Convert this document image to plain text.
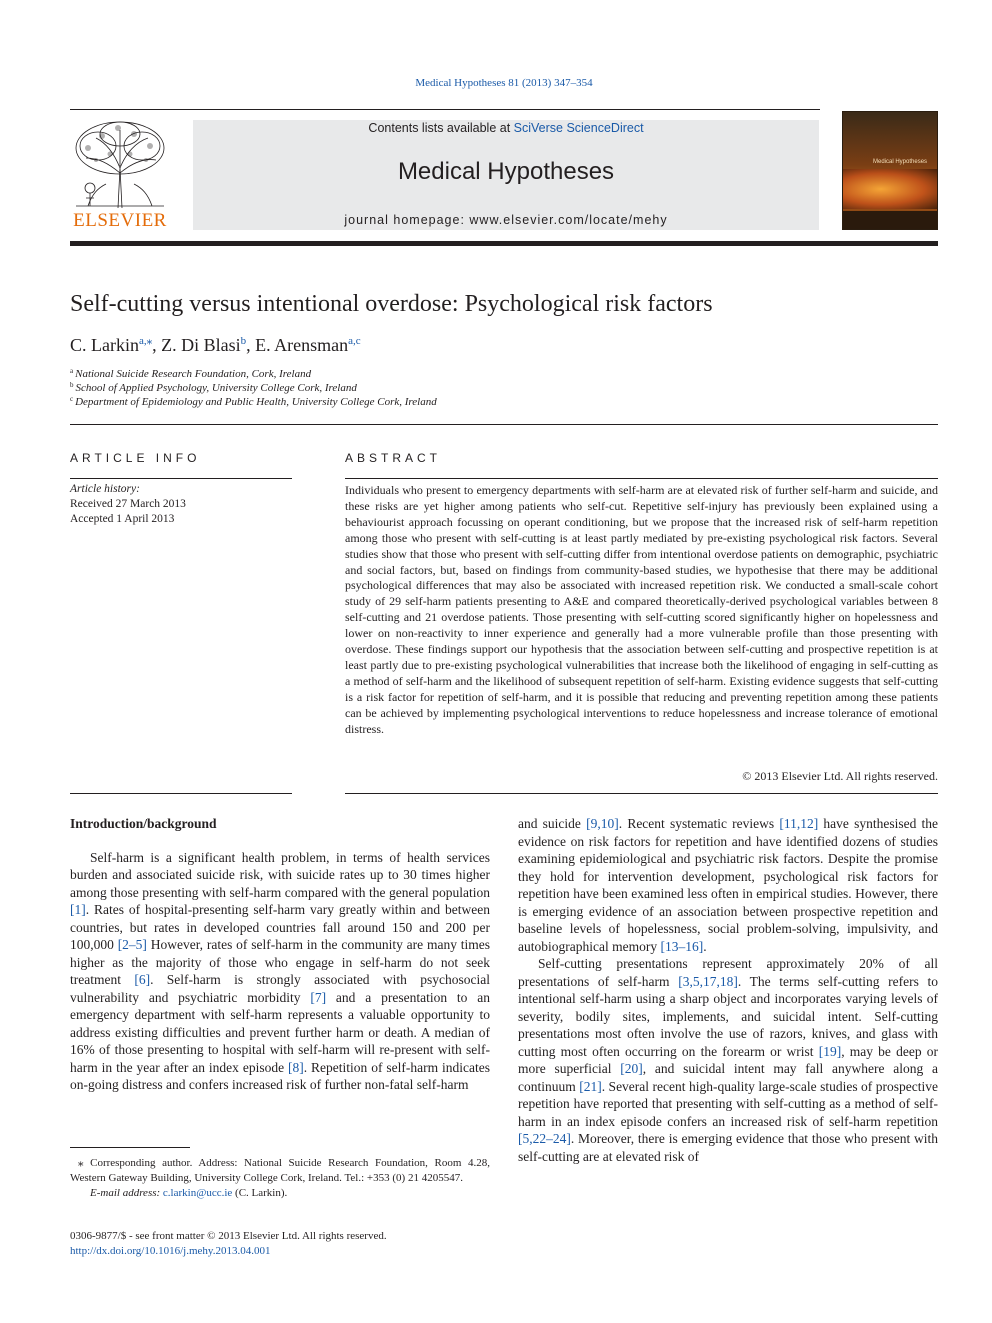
Medical Hypotheses 81 (2013) 347–354
ELSEVIER
Contents lists available at SciVerse ScienceDirect
Medical Hypotheses
journal homepage: www.elsevier.com/locate/mehy
Medical Hypotheses
Self-cutting versus intentional overdose: Psychological risk factors
C. Larkin$^{a,⁎}$, Z. Di Blasi$^b$, E. Arensman$^{a,c}$
$^a$ National Suicide Research Foundation, Cork, Ireland
$^b$ School of Applied Psychology, University College Cork, Ireland
$^c$ Department of Epidemiology and Public Health, University College Cork, Ireland
ARTICLE INFO
Article history:
Received 27 March 2013
Accepted 1 April 2013
ABSTRACT

Individuals who present to emergency departments with self-harm are at elevated risk of further self-harm and suicide, and these risks are yet higher among patients who self-cut. Repetitive self-injury has previously been explained using a behaviourist approach focussing on operant conditioning, but we propose that the increased risk of self-harm repetition among those who present with self-cutting is at least partly mediated by pre-existing psychological risk factors. Several studies show that those who present with self-cutting differ from intentional overdose patients on demographic, psychiatric and social factors, but, based on findings from community-based studies, we hypothesise that there may be additional psychological differences that may also be associated with increased repetition risk. We conducted a small-scale cohort study of 29 self-harm patients presenting to A&E and compared theoretically-derived psychological variables between 8 self-cutting and 21 overdose patients. Those presenting with self-cutting scored significantly higher on hopelessness and lower on non-reactivity to inner experience and generally had a more vulnerable profile than those presenting with overdose. These findings support our hypothesis that the association between self-cutting and prospective repetition is at least partly due to pre-existing psychological vulnerabilities that increase both the likelihood of engaging in self-cutting as a method of self-harm and the likelihood of subsequent repetition of self-harm. Existing evidence suggests that self-cutting is a risk factor for repetition of self-harm, and it is possible that reducing and preventing repetition among these patients can be achieved by implementing psychological interventions to reduce hopelessness and increase tolerance of emotional distress.

© 2013 Elsevier Ltd. All rights reserved.
Introduction/background

Self-harm is a significant health problem, in terms of health services burden and associated suicide risk, with suicide rates up to 30 times higher among those presenting with self-harm compared with the general population [1]. Rates of hospital-presenting self-harm vary greatly within and between countries, but rates in developed countries fall around 150 and 200 per 100,000 [2–5] However, rates of self-harm in the community are many times higher as the majority of those who engage in self-harm do not seek treatment [6]. Self-harm is strongly associated with psychosocial vulnerability and psychiatric morbidity [7] and a presentation to an emergency department with self-harm represents a valuable opportunity to address existing difficulties and prevent further harm or death. A median of 16% of those presenting to hospital with self-harm will re-present with self-harm in the year after an index episode [8]. Repetition of self-harm indicates on-going distress and confers increased risk of further non-fatal self-harm

and suicide [9,10]. Recent systematic reviews [11,12] have synthesised the evidence on risk factors for repetition and have identified dozens of studies examining epidemiological and psychiatric risk factors. Despite the promise they hold for intervention development, psychological risk factors for repetition have been examined less often in empirical studies. However, there is emerging evidence of an association between prospective repetition and baseline levels of hopelessness, social problem-solving, impulsivity, and autobiographical memory [13–16].

Self-cutting presentations represent approximately 20% of all presentations of self-harm [3,5,17,18]. The terms self-cutting refers to intentional self-harm using a sharp object and incorporates varying levels of severity, bodily sites, implements, and suicidal intent. Self-cutting presentations most often involve the use of razors, knives, and glass with cutting most often occurring on the forearm or wrist [19], may be deep or more superficial [20], and suicidal intent may fall anywhere along a continuum [21]. Several recent high-quality large-scale studies of prospective repetition have reported that presenting with self-cutting as a method of self-harm in an index episode confers an increased risk of self-harm repetition [5,22–24]. Moreover, there is emerging evidence that those who present with self-cutting are at elevated risk of

⁎ Corresponding author. Address: National Suicide Research Foundation, Room 4.28, Western Gateway Building, University College Cork, Ireland. Tel.: +353 (0) 21 4205547.
E-mail address: c.larkin@ucc.ie (C. Larkin).
0306-9877/$ - see front matter © 2013 Elsevier Ltd. All rights reserved.
http://dx.doi.org/10.1016/j.mehy.2013.04.001
